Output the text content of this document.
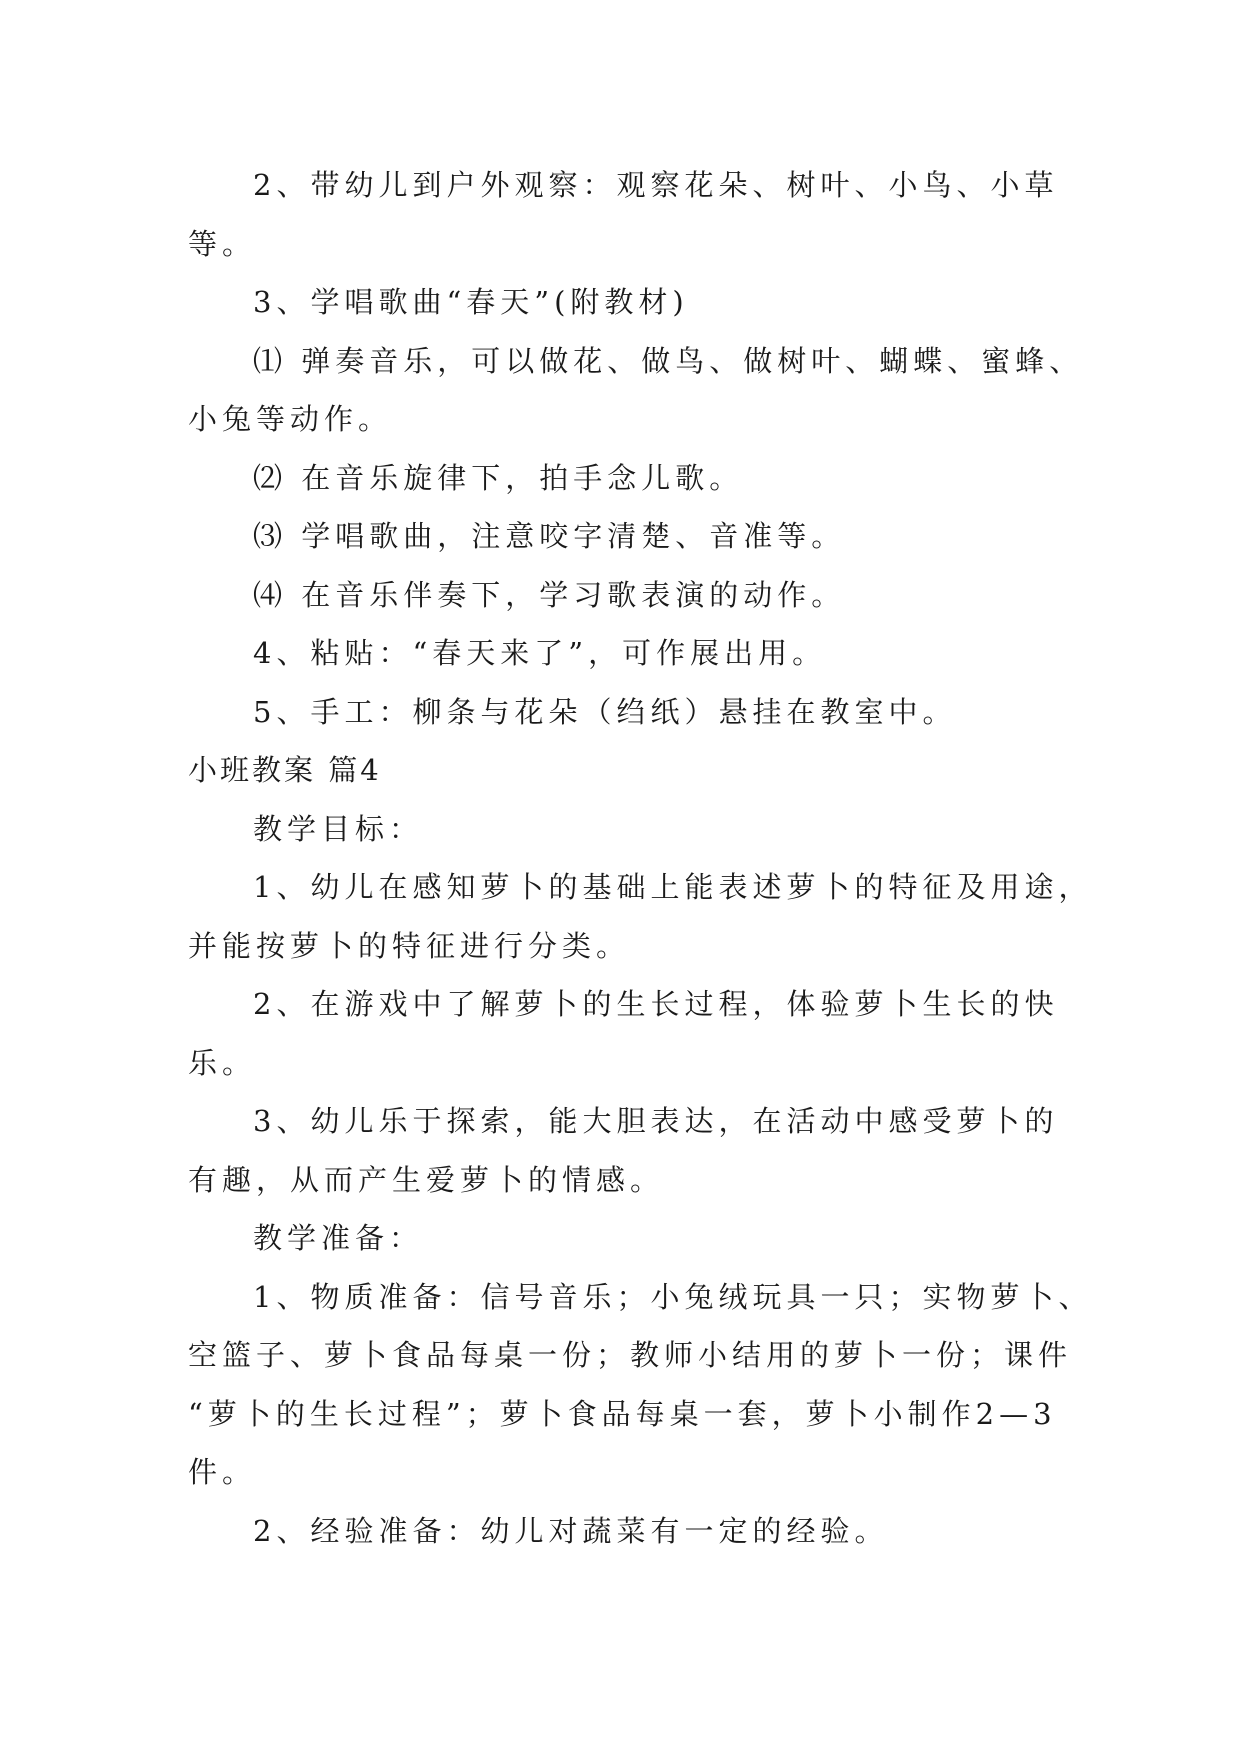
2、带幼儿到户外观察：观察花朵、树叶、小鸟、小草

等。

3、学唱歌曲“春天”(附教材)

⑴ 弹奏音乐，可以做花、做鸟、做树叶、蝴蝶、蜜蜂、

小兔等动作。

⑵ 在音乐旋律下，拍手念儿歌。

⑶ 学唱歌曲，注意咬字清楚、音准等。

⑷ 在音乐伴奏下，学习歌表演的动作。

4、粘贴：“春天来了”，可作展出用。

5、手工：柳条与花朵（绉纸）悬挂在教室中。

小班教案 篇4

教学目标：

1、幼儿在感知萝卜的基础上能表述萝卜的特征及用途，

并能按萝卜的特征进行分类。

2、在游戏中了解萝卜的生长过程，体验萝卜生长的快

乐。

3、幼儿乐于探索，能大胆表达，在活动中感受萝卜的

有趣，从而产生爱萝卜的情感。

教学准备：

1、物质准备：信号音乐；小兔绒玩具一只；实物萝卜、

空篮子、萝卜食品每桌一份；教师小结用的萝卜一份；课件

“萝卜的生长过程”；萝卜食品每桌一套，萝卜小制作2—3

件。

2、经验准备：幼儿对蔬菜有一定的经验。
